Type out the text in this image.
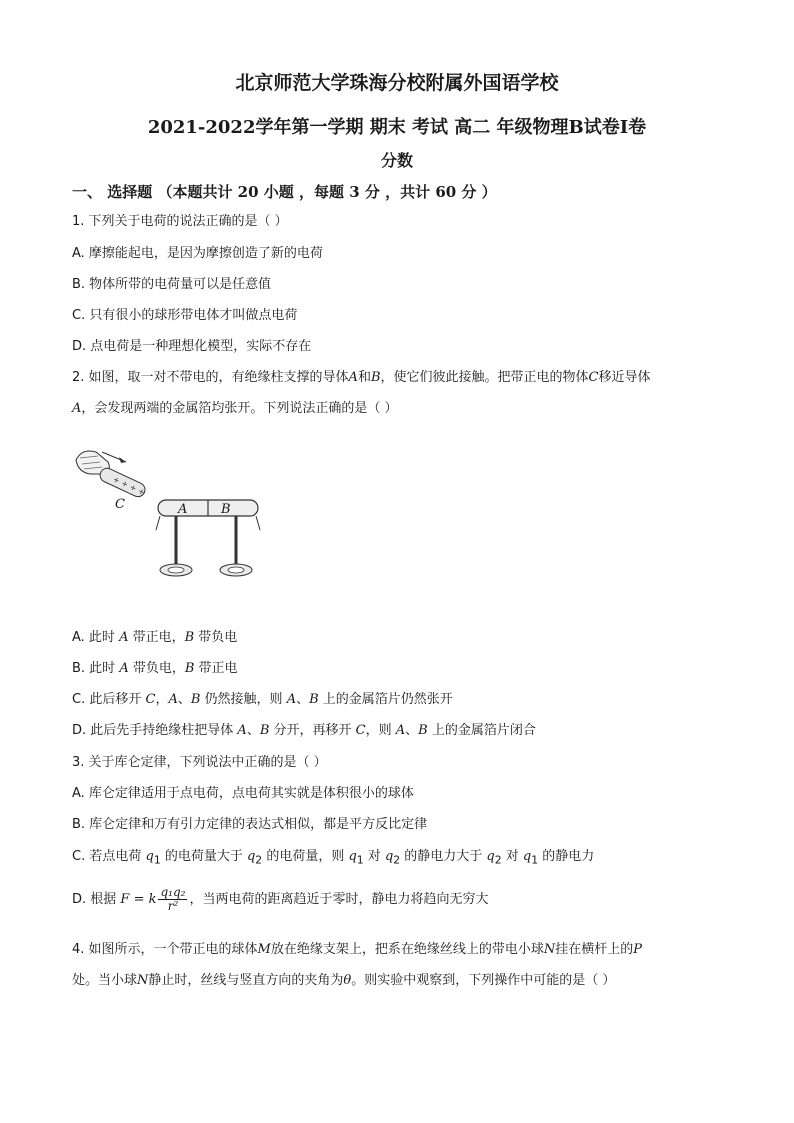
北京师范大学珠海分校附属外国语学校
2021-2022学年第一学期 期末 考试 高二 年级物理B试卷Ⅰ卷
分数
一、 选择题 （本题共计 20 小题 ，每题 3 分 ，共计 60 分 ）
1. 下列关于电荷的说法正确的是（ ）
A. 摩擦能起电，是因为摩擦创造了新的电荷
B. 物体所带的电荷量可以是任意值
C. 只有很小的球形带电体才叫做点电荷
D. 点电荷是一种理想化模型，实际不存在
2. 如图，取一对不带电的，有绝缘柱支撑的导体A和B，使它们彼此接触。把带正电的物体C移近导体
A，会发现两端的金属箔均张开。下列说法正确的是（ ）
+ + + +
C	A	B
A. 此时 A 带正电，B 带负电
B. 此时 A 带负电，B 带正电
C. 此后移开 C，A、B 仍然接触，则 A、B 上的金属箔片仍然张开
D. 此后先手持绝缘柱把导体 A、B 分开，再移开 C，则 A、B 上的金属箔片闭合
3. 关于库仑定律，下列说法中正确的是（ ）
A. 库仑定律适用于点电荷，点电荷其实就是体积很小的球体
B. 库仑定律和万有引力定律的表达式相似，都是平方反比定律
C. 若点电荷 $q_1$ 的电荷量大于 $q_2$ 的电荷量，则 $q_1$ 对 $q_2$ 的静电力大于 $q_2$ 对 $q_1$ 的静电力
D. 根据 F = k $\frac{\text{q₁q₂}}{\text{r²}}$ ，当两电荷的距离趋近于零时，静电力将趋向无穷大
4. 如图所示，一个带正电的球体M放在绝缘支架上，把系在绝缘丝线上的带电小球N挂在横杆上的P
处。当小球N静止时，丝线与竖直方向的夹角为θ。则实验中观察到，下列操作中可能的是（ ）
